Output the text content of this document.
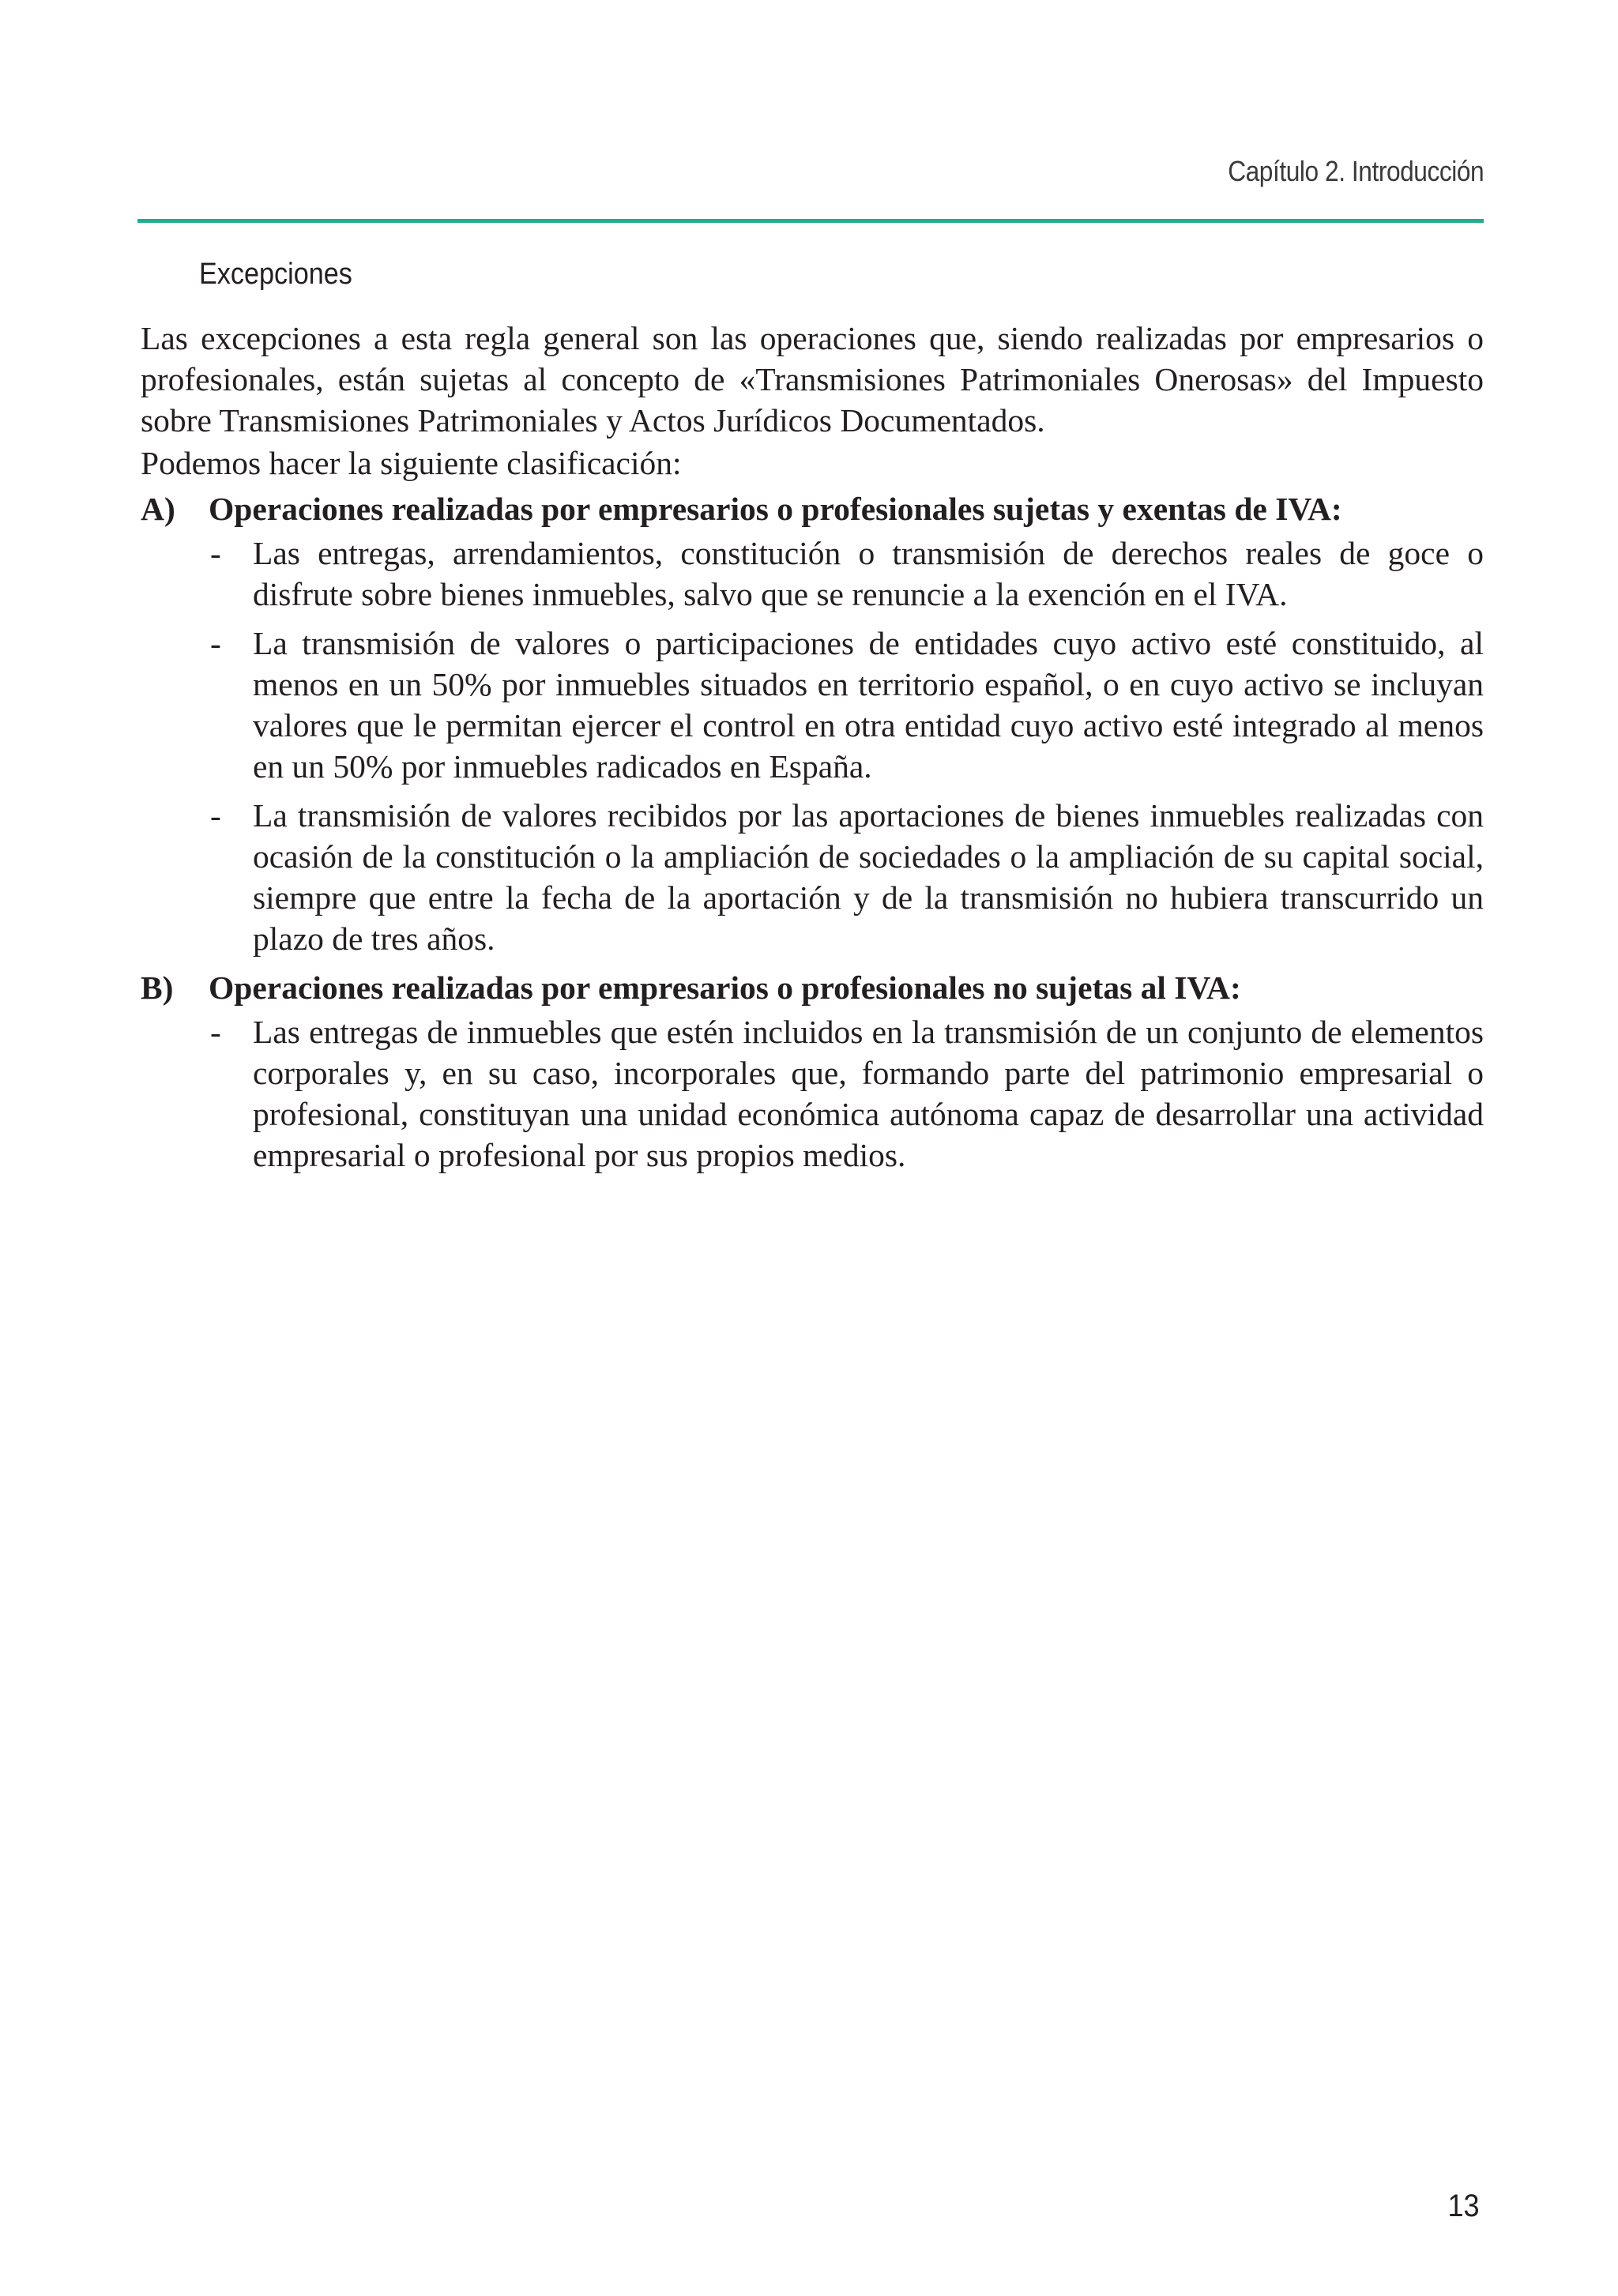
Capítulo 2. Introducción
Excepciones

Las excepciones a esta regla general son las operaciones que, siendo realizadas por empresarios o profesionales, están sujetas al concepto de «Transmisiones Patrimoniales Onerosas» del Impuesto sobre Transmisiones Patrimoniales y Actos Jurídicos Documentados.

Podemos hacer la siguiente clasificación:

A)	Operaciones realizadas por empresarios o profesionales sujetas y exentas de IVA:
- Las entregas, arrendamientos, constitución o transmisión de derechos reales de goce o disfrute sobre bienes inmuebles, salvo que se renuncie a la exención en el IVA.
- La transmisión de valores o participaciones de entidades cuyo activo esté constituido, al menos en un 50% por inmuebles situados en territorio español, o en cuyo activo se incluyan valores que le permitan ejercer el control en otra entidad cuyo activo esté integrado al menos en un 50% por inmuebles radicados en España.
- La transmisión de valores recibidos por las aportaciones de bienes inmuebles realizadas con ocasión de la constitución o la ampliación de sociedades o la ampliación de su capital social, siempre que entre la fecha de la aportación y de la transmisión no hubiera transcurrido un plazo de tres años.
B)	Operaciones realizadas por empresarios o profesionales no sujetas al IVA:
- Las entregas de inmuebles que estén incluidos en la transmisión de un conjunto de elementos corporales y, en su caso, incorporales que, formando parte del patrimonio empresarial o profesional, constituyan una unidad económica autónoma capaz de desarrollar una actividad empresarial o profesional por sus propios medios.
13
